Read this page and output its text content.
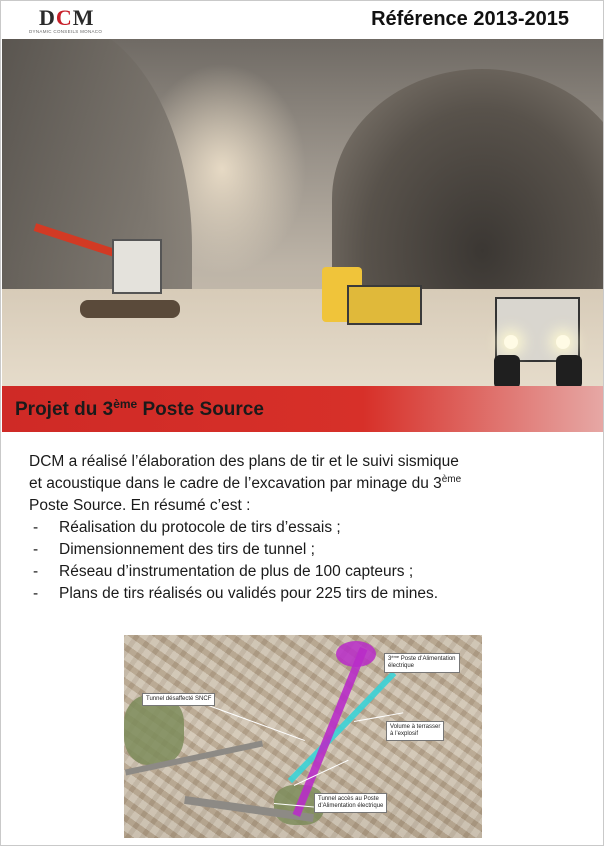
DCM
DYNAMIC CONSEILS MONACO
Référence 2013-2015
Projet du 3ème Poste Source
DCM a réalisé l’élaboration des plans de tir et le suivi sismique
et acoustique dans le cadre de l’excavation par minage du 3ème
Poste Source. En résumé c’est :
- Réalisation du protocole de tirs d’essais ;
- Dimensionnement des tirs de tunnel ;
- Réseau d’instrumentation de plus de 100 capteurs ;
- Plans de tirs réalisés ou validés pour 225 tirs de mines.
Tunnel désaffecté SNCF
3ème Poste d’Alimentation
électrique
Volume à terrasser
à l’explosif
Tunnel accès au Poste
d’Alimentation électrique
